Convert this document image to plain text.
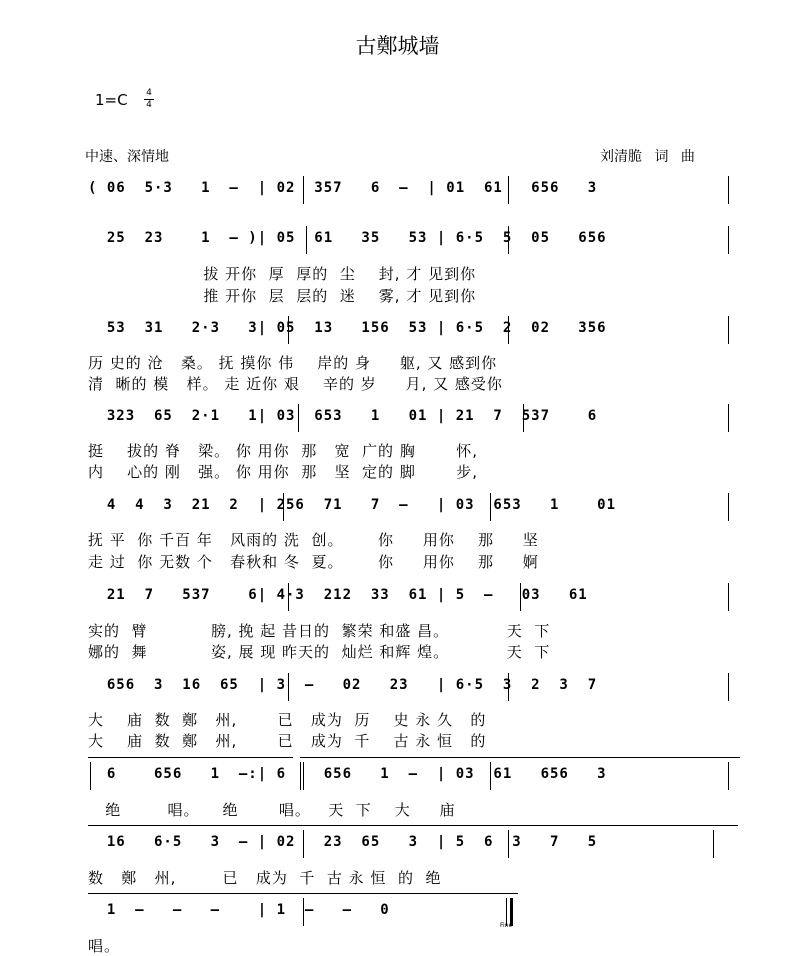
古鄭城墙
1=C 4
4
中速、深情地	刘清脆 词 曲
( 06  5·3   1  —  | 02  357   6  —  | 01  61   656   3
25  23    1  — )| 05  61   35   53 | 6·5  5  05   656
53  31   2·3   3| 05  13   156  53 | 6·5  2  02   356
323  65  2·1   1| 03  653   1   01 | 21  7  537    6
4  4  3  21  2  | 256  71   7  —   | 03  653   1    01
21  7   537    6| 4·3  212  33  61 | 5  —   03   61
656  3  16  65  | 3  —   02   23   | 6·5  3  2  3  7
6    656   1  —:| 6    656   1  —  | 03  61   656   3
16   6·5   3  — | 02   23  65   3  | 5  6  3   7   5
1  —   —   —    | 1  —   —   0
Fine
拔 开你  厚  厚的  尘    封, 才 见到你
推 开你  层  层的  迷    雾, 才 见到你
历 史的 沧   桑。 抚 摸你 伟    岸的 身     躯, 又 感到你
清  晰的 模   样。 走 近你 艰    辛的 岁     月, 又 感受你
挺    拔的 脊   梁。 你 用你  那   宽  广的 胸       怀,
内    心的 刚   强。 你 用你  那   坚  定的 脚       步,
抚 平  你 千百 年   风雨的 洗  创。      你     用你    那     坚
走 过  你 无数 个   春秋和 冬  夏。      你     用你    那     婀
实的  臂           膀, 挽 起 昔日的  繁荣 和盛 昌。          天  下
娜的  舞           姿, 展 现 昨天的  灿烂 和辉 煌。          天  下
大    庙  数  鄭   州,       已   成为  历    史 永 久   的
大    庙  数  鄭   州,       已   成为  千    古 永 恒   的
绝        唱。    绝       唱。   天  下    大     庙
数   鄭   州,        已   成为  千  古 永 恒  的  绝
唱。
